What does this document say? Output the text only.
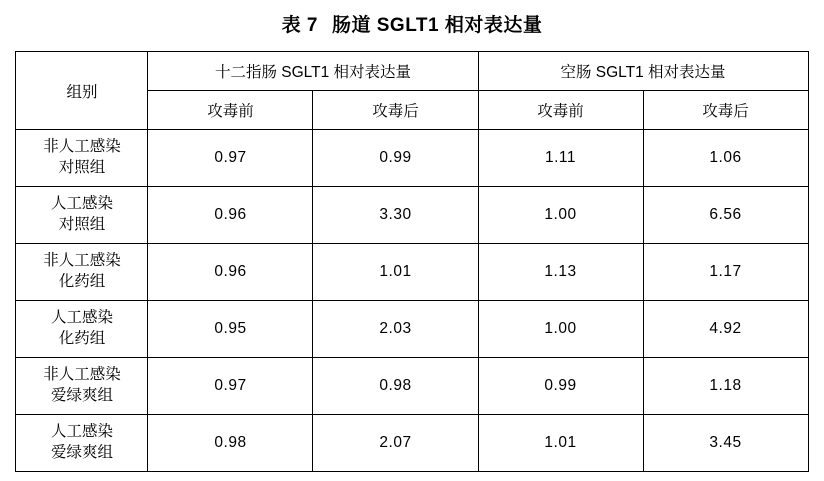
表 7 肠道 SGLT1 相对表达量
组别	十二指肠 SGLT1 相对表达量		空肠 SGLT1 相对表达量	
	攻毒前	攻毒后	攻毒前	攻毒后

非人工感染
对照组	0.97	0.99	1.11	1.06

人工感染
对照组	0.96	3.30	1.00	6.56

非人工感染
化药组	0.96	1.01	1.13	1.17

人工感染
化药组	0.95	2.03	1.00	4.92

非人工感染
爱绿爽组	0.97	0.98	0.99	1.18

人工感染
爱绿爽组	0.98	2.07	1.01	3.45
